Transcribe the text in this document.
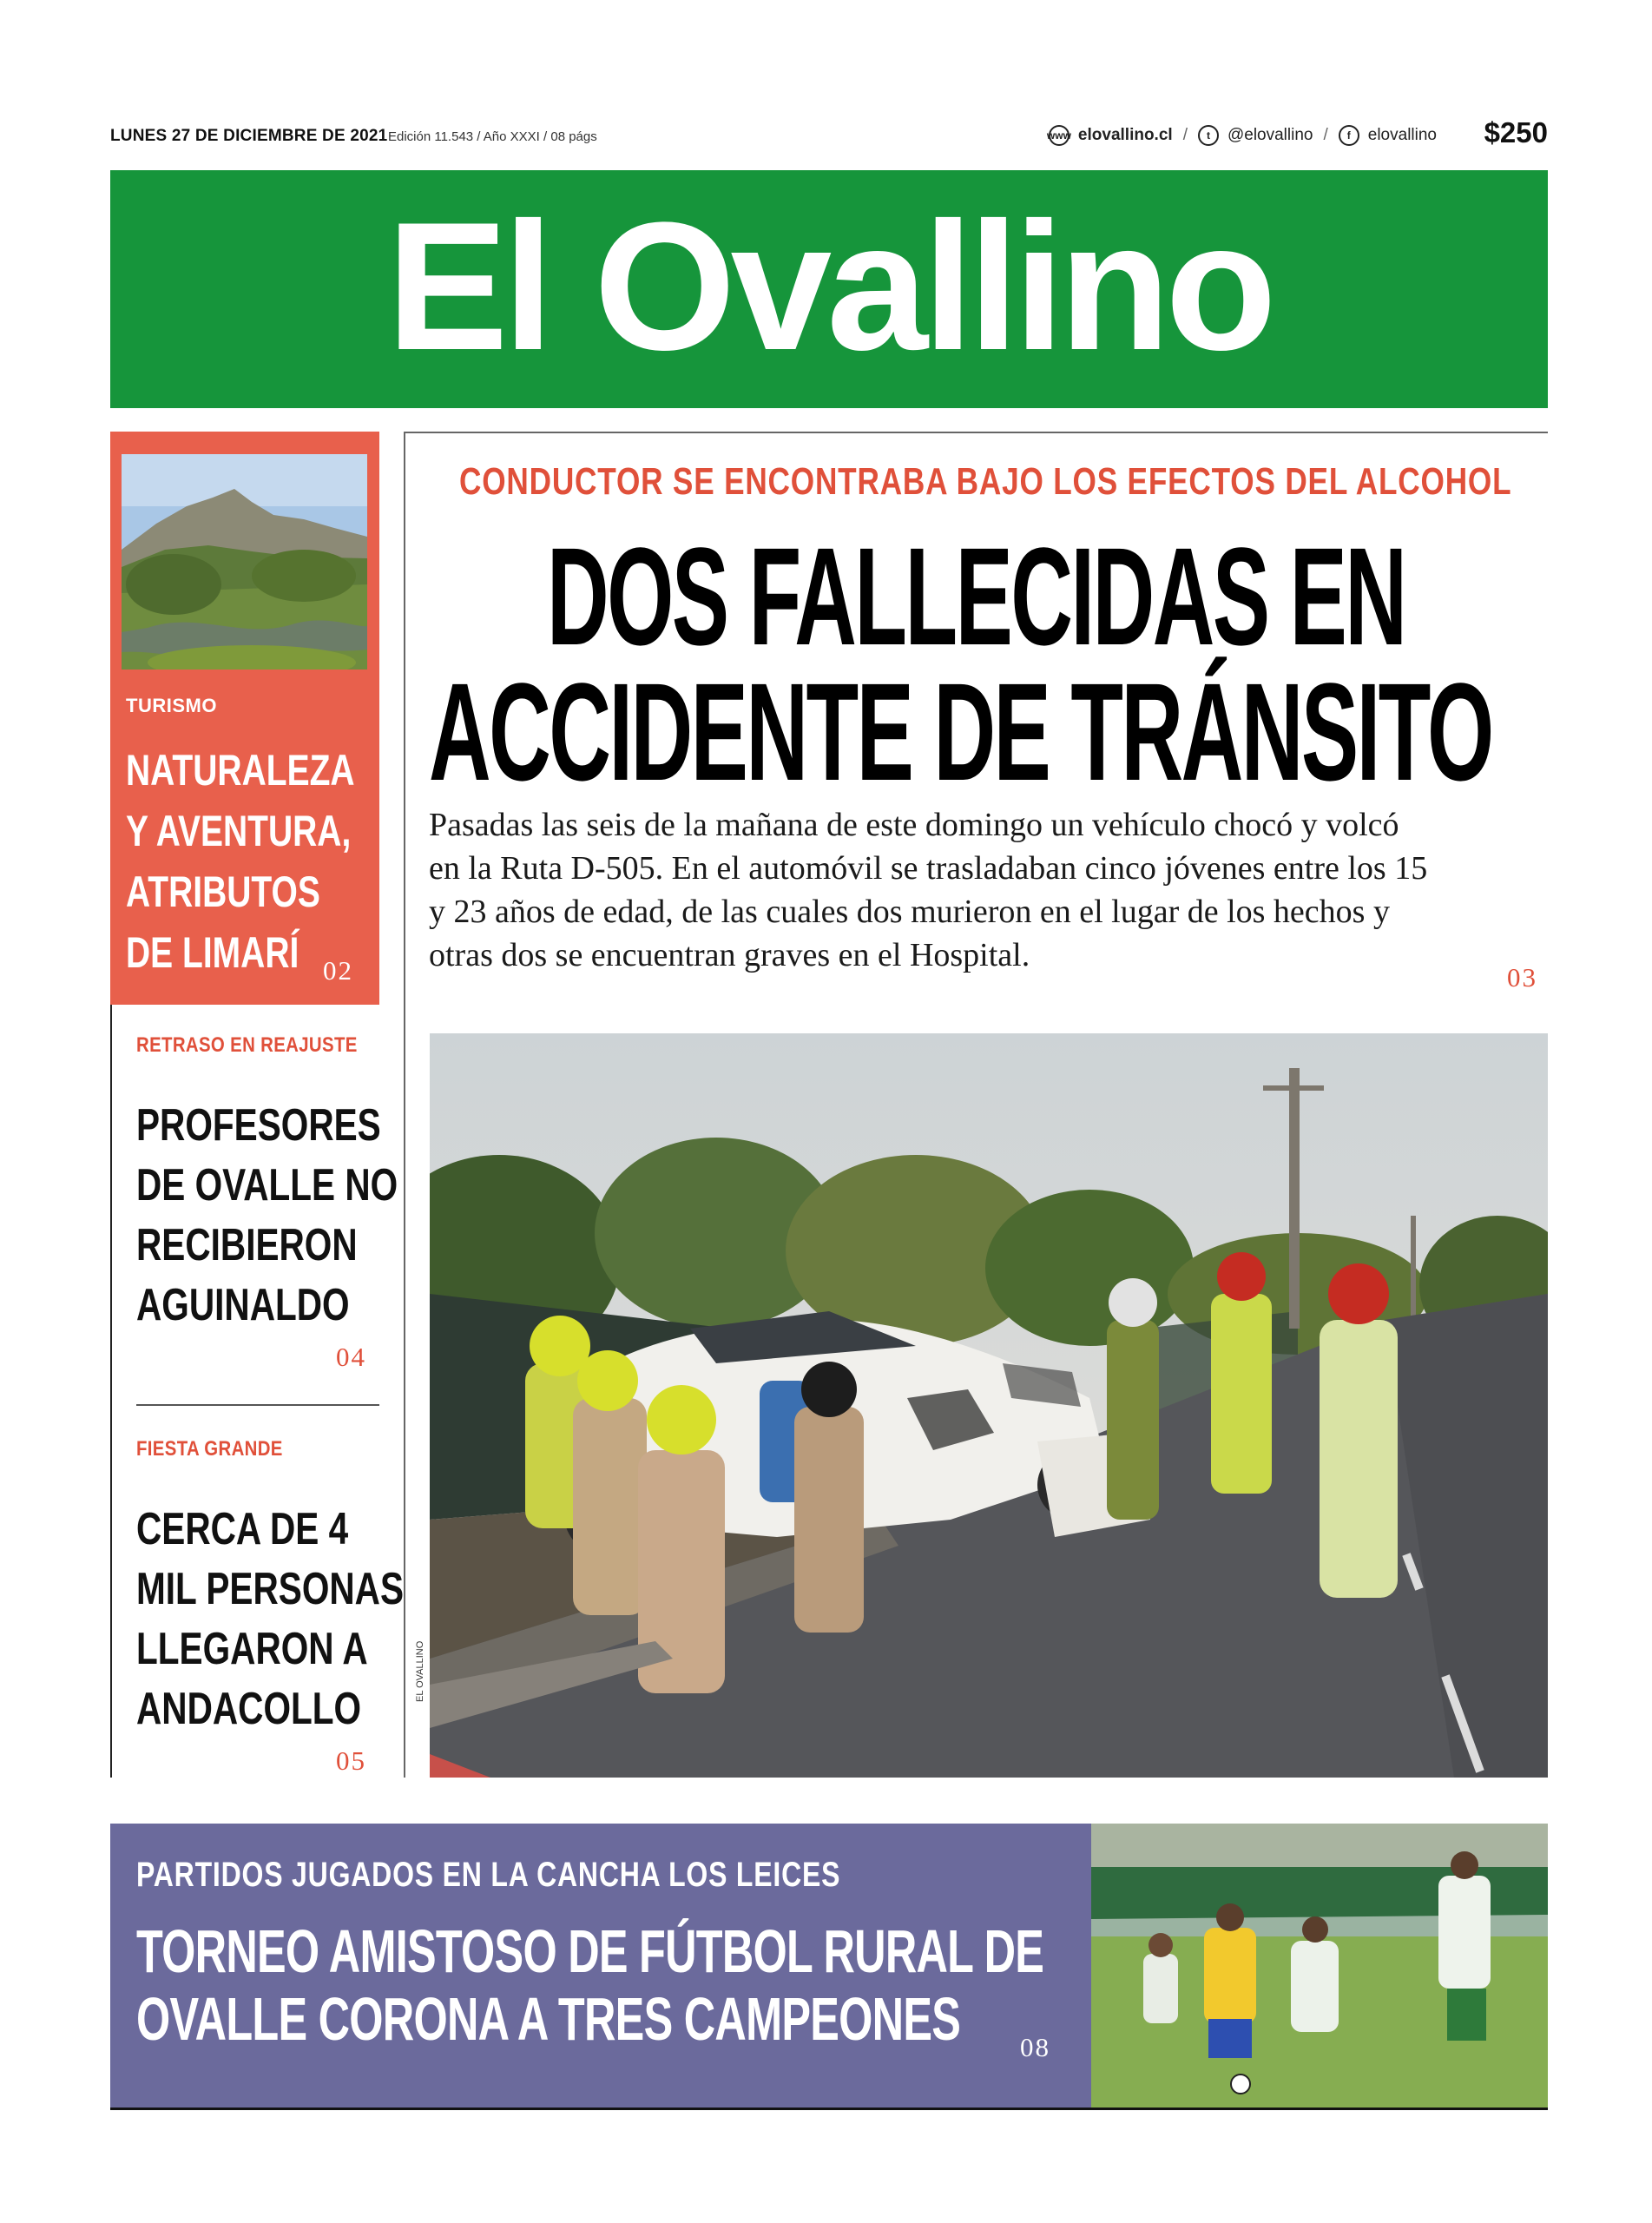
LUNES 27 DE DICIEMBRE DE 2021 Edición 11.543 / Año XXXI / 08 págs	www elovallino.cl /	t	@elovallino /	f	elovallino $250
El Ovallino
TURISMO
NATURALEZA
Y AVENTURA,
ATRIBUTOS
DE LIMARÍ 02
RETRASO EN REAJUSTE
PROFESORES
DE OVALLE NO
RECIBIERON
AGUINALDO
04
FIESTA GRANDE
CERCA DE 4
MIL PERSONAS
LLEGARON A
ANDACOLLO
05
CONDUCTOR SE ENCONTRABA BAJO LOS EFECTOS DEL ALCOHOL
DOS FALLECIDAS EN
ACCIDENTE DE TRÁNSITO
Pasadas las seis de la mañana de este domingo un vehículo chocó y volcó
en la Ruta D-505. En el automóvil se trasladaban cinco jóvenes entre los 15
y 23 años de edad, de las cuales dos murieron en el lugar de los hechos y
otras dos se encuentran graves en el Hospital.
03
EL OVALLINO
PARTIDOS JUGADOS EN LA CANCHA LOS LEICES
TORNEO AMISTOSO DE FÚTBOL RURAL DE
OVALLE CORONA A TRES CAMPEONES 08
